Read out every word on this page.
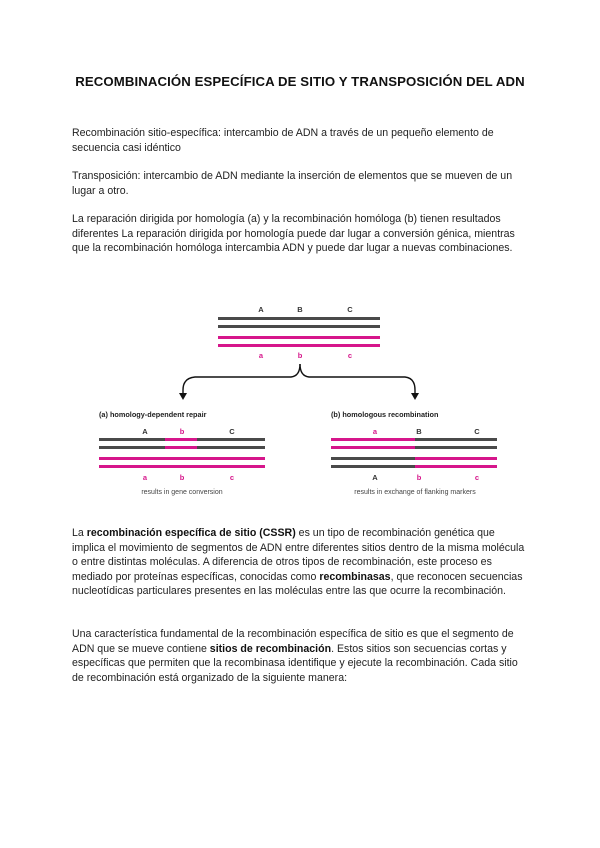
RECOMBINACIÓN ESPECÍFICA DE SITIO Y TRANSPOSICIÓN DEL ADN
Recombinación sitio-específica: intercambio de ADN a través de un pequeño elemento de secuencia casi idéntico
Transposición: intercambio de ADN mediante la inserción de elementos que se mueven de un lugar a otro.
La reparación dirigida por homología (a) y la recombinación homóloga (b) tienen resultados diferentes La reparación dirigida por homología puede dar lugar a conversión génica, mientras que la recombinación homóloga intercambia ADN y puede dar lugar a nuevas combinaciones.
A	B	C
a	b	c
(a) homology-dependent repair
A	b	C
a	b	c
results in gene conversion
(b) homologous recombination
a	B	C
A	b	c
results in exchange of flanking markers
La recombinación específica de sitio (CSSR) es un tipo de recombinación genética que implica el movimiento de segmentos de ADN entre diferentes sitios dentro de la misma molécula o entre distintas moléculas. A diferencia de otros tipos de recombinación, este proceso es mediado por proteínas específicas, conocidas como recombinasas, que reconocen secuencias nucleotídicas particulares presentes en las moléculas entre las que ocurre la recombinación.
Una característica fundamental de la recombinación específica de sitio es que el segmento de ADN que se mueve contiene sitios de recombinación. Estos sitios son secuencias cortas y específicas que permiten que la recombinasa identifique y ejecute la recombinación. Cada sitio de recombinación está organizado de la siguiente manera:
